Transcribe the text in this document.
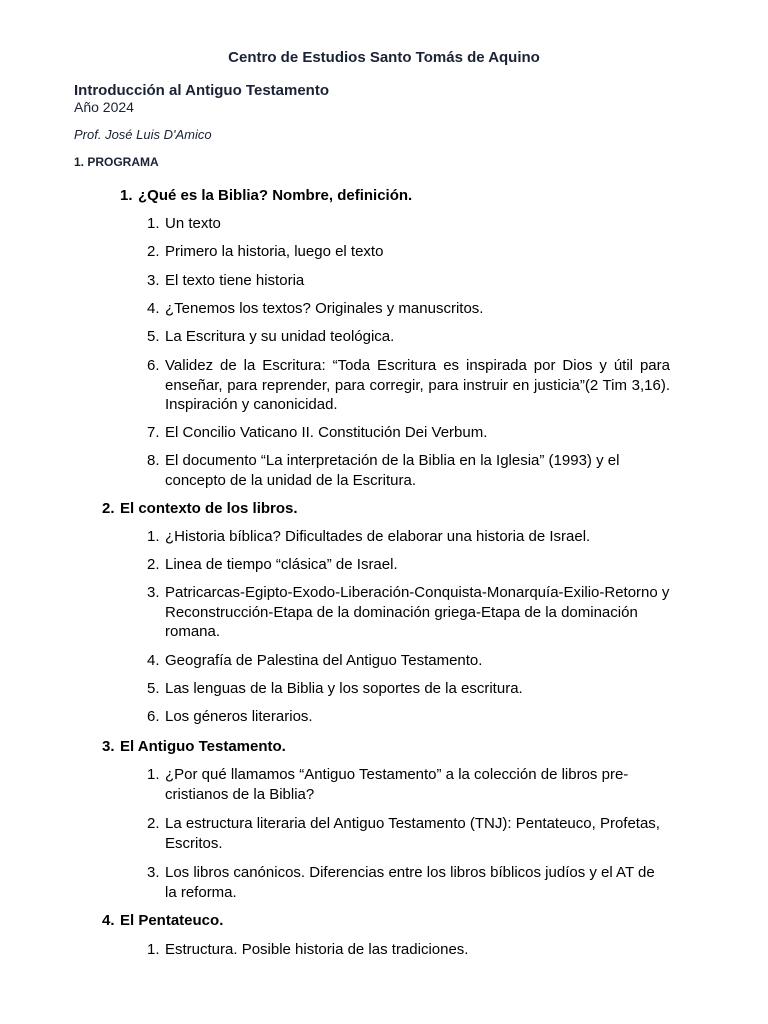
Centro de Estudios Santo Tomás de Aquino
Introducción al Antiguo Testamento
Año 2024
Prof. José Luis D'Amico
1. PROGRAMA
1. ¿Qué es la Biblia? Nombre, definición.
1. Un texto
2. Primero la historia, luego el texto
3. El texto tiene historia
4. ¿Tenemos los textos? Originales y manuscritos.
5. La Escritura y su unidad teológica.
6. Validez de la Escritura: “Toda Escritura es inspirada por Dios y útil para enseñar, para reprender, para corregir, para instruir en justicia”(2 Tim 3,16). Inspiración y canonicidad.
7. El Concilio Vaticano II. Constitución Dei Verbum.
8. El documento “La interpretación de la Biblia en la Iglesia” (1993) y el concepto de la unidad de la Escritura.
2. El contexto de los libros.
1. ¿Historia bíblica? Dificultades de elaborar una historia de Israel.
2. Linea de tiempo “clásica” de Israel.
3. Patricarcas-Egipto-Exodo-Liberación-Conquista-Monarquía-Exilio-Retorno y Reconstrucción-Etapa de la dominación griega-Etapa de la dominación romana.
4. Geografía de Palestina del Antiguo Testamento.
5. Las lenguas de la Biblia y los soportes de la escritura.
6. Los géneros literarios.
3. El Antiguo Testamento.
1. ¿Por qué llamamos “Antiguo Testamento” a la colección de libros pre-cristianos de la Biblia?
2. La estructura literaria del Antiguo Testamento (TNJ): Pentateuco, Profetas, Escritos.
3. Los libros canónicos. Diferencias entre los libros bíblicos judíos y el AT de la reforma.
4. El Pentateuco.
1. Estructura. Posible historia de las tradiciones.
